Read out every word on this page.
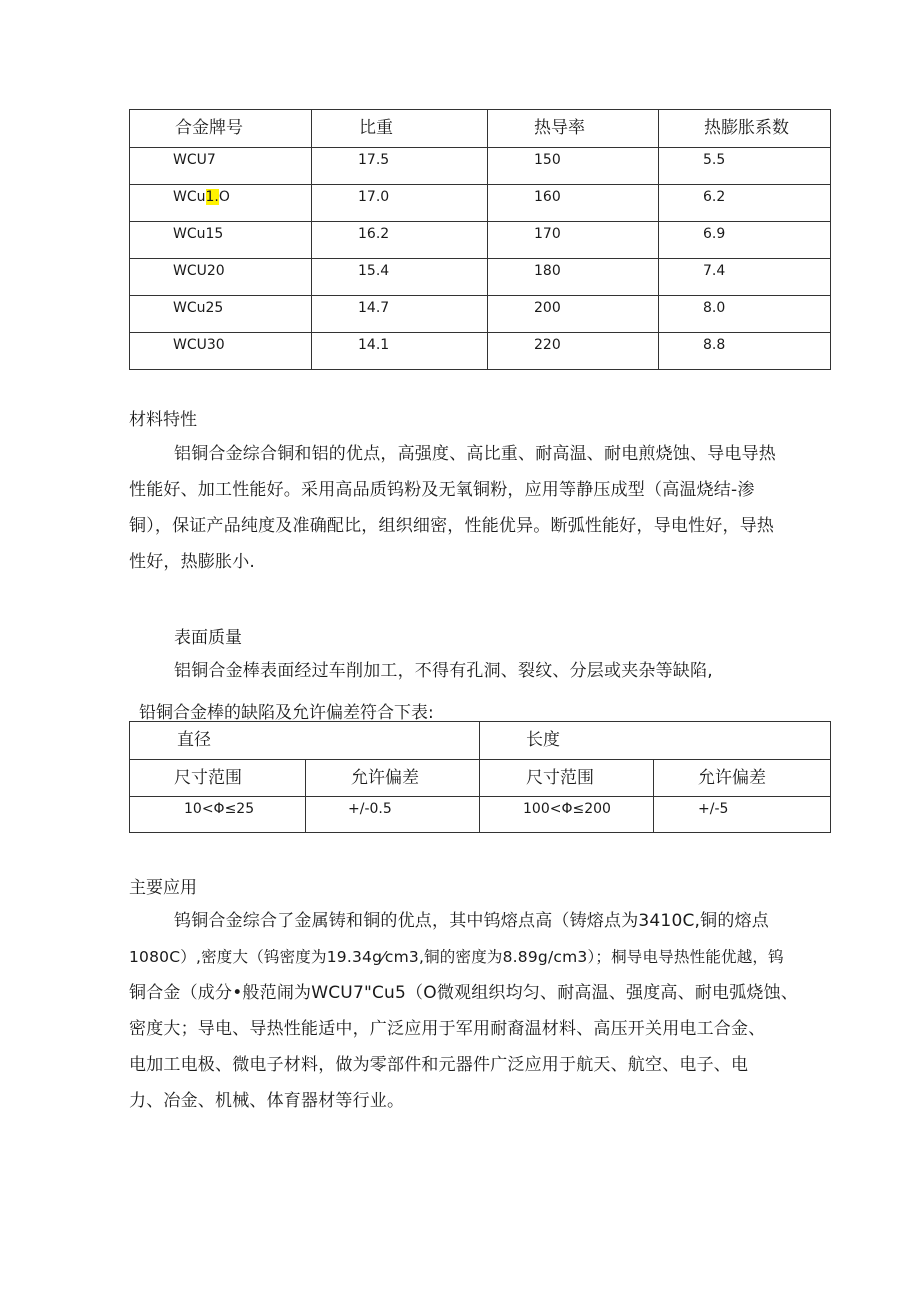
合金牌号	比重	热导率	热膨胀系数

WCU7	17.5	150	5.5

WCu1.O	17.0	160	6.2

WCu15	16.2	170	6.9

WCU20	15.4	180	7.4

WCu25	14.7	200	8.0

WCU30	14.1	220	8.8
材料特性
铝铜合金综合铜和铝的优点，高强度、高比重、耐高温、耐电煎烧蚀、导电导热
性能好、加工性能好。采用高品质钨粉及无氧铜粉，应用等静压成型（高温烧结-渗
铜），保证产品纯度及准确配比，组织细密，性能优异。断弧性能好，导电性好，导热
性好，热膨胀小.
表面质量
铝铜合金棒表面经过车削加工，不得有孔洞、裂纹、分层或夹杂等缺陷,
铅铜合金棒的缺陷及允许偏差符合下表:
直径		长度	

尺寸范围	允许偏差	尺寸范围	允许偏差

10<Φ≤25	+/-0.5	100<Φ≤200	+/-5
主要应用
钨铜合金综合了金属铸和铜的优点，其中钨熔点高（铸熔点为3410C,铜的熔点
1080C）,密度大（钨密度为19.34g⁄cm3,铜的密度为8.89g/cm3）；桐导电导热性能优越，钨
铜合金（成分•般范闹为WCU7"Cu5（O微观组织均匀、耐高温、强度高、耐电弧烧蚀、
密度大；导电、导热性能适中，广泛应用于军用耐裔温材料、高压开关用电工合金、
电加工电极、微电子材料，做为零部件和元器件广泛应用于航天、航空、电子、电
力、冶金、机械、体育器材等行业。
